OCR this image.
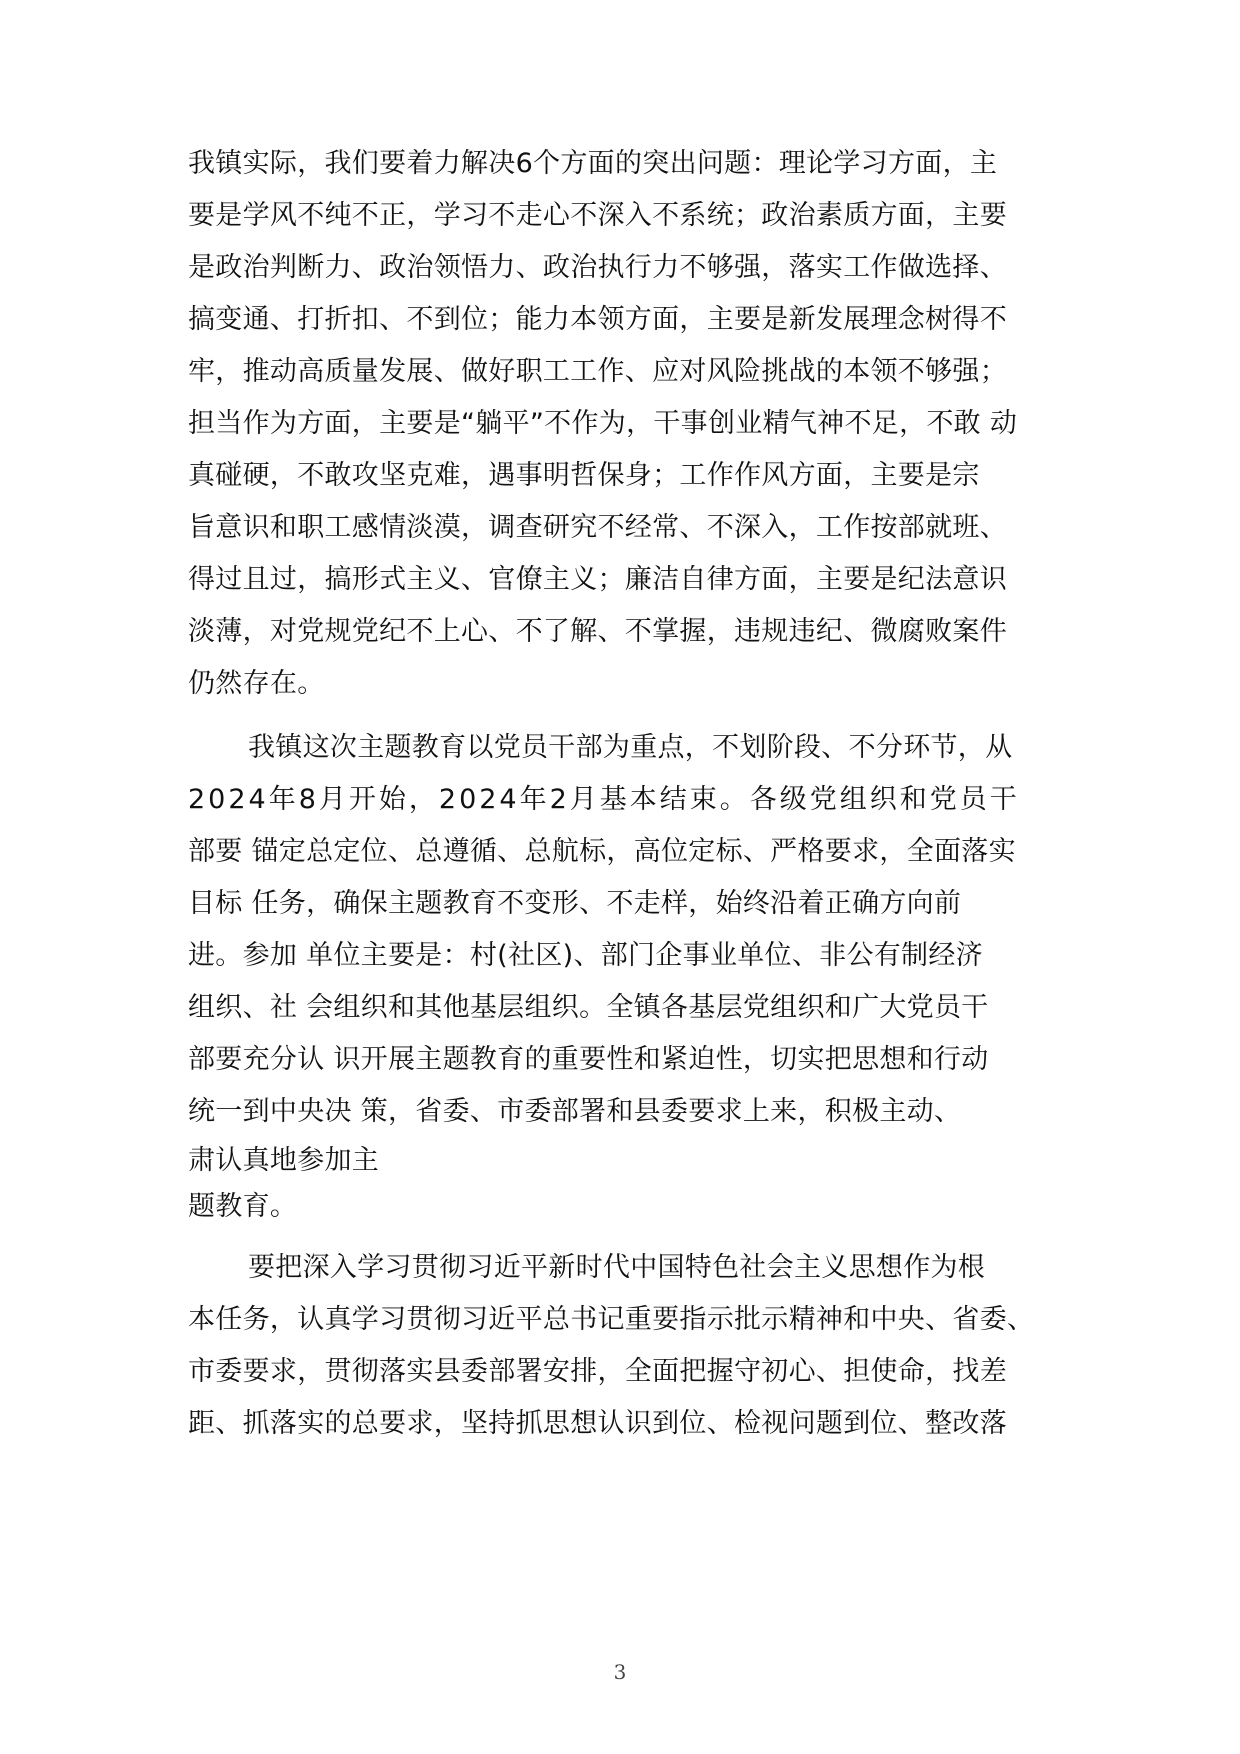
我镇实际，我们要着力解决6个方面的突出问题：理论学习方面，主
要是学风不纯不正，学习不走心不深入不系统；政治素质方面，主要
是政治判断力、政治领悟力、政治执行力不够强，落实工作做选择、
搞变通、打折扣、不到位；能力本领方面，主要是新发展理念树得不
牢，推动高质量发展、做好职工工作、应对风险挑战的本领不够强；
担当作为方面，主要是“躺平”不作为，干事创业精气神不足，不敢 动
真碰硬，不敢攻坚克难，遇事明哲保身；工作作风方面，主要是宗
旨意识和职工感情淡漠，调查研究不经常、不深入，工作按部就班、
得过且过，搞形式主义、官僚主义；廉洁自律方面，主要是纪法意识
淡薄，对党规党纪不上心、不了解、不掌握，违规违纪、微腐败案件
仍然存在。
我镇这次主题教育以党员干部为重点，不划阶段、不分环节，从
2024年8月开始，2024年2月基本结束。各级党组织和党员干
部要 锚定总定位、总遵循、总航标，高位定标、严格要求，全面落实
目标 任务，确保主题教育不变形、不走样，始终沿着正确方向前
进。参加 单位主要是：村(社区)、部门企事业单位、非公有制经济
组织、社 会组织和其他基层组织。全镇各基层党组织和广大党员干
部要充分认 识开展主题教育的重要性和紧迫性，切实把思想和行动
统一到中央决 策，省委、市委部署和县委要求上来，积极主动、
肃认真地参加主
题教育。
要把深入学习贯彻习近平新时代中国特色社会主义思想作为根
本任务，认真学习贯彻习近平总书记重要指示批示精神和中央、省委、
市委要求，贯彻落实县委部署安排，全面把握守初心、担使命，找差
距、抓落实的总要求，坚持抓思想认识到位、检视问题到位、整改落
3
